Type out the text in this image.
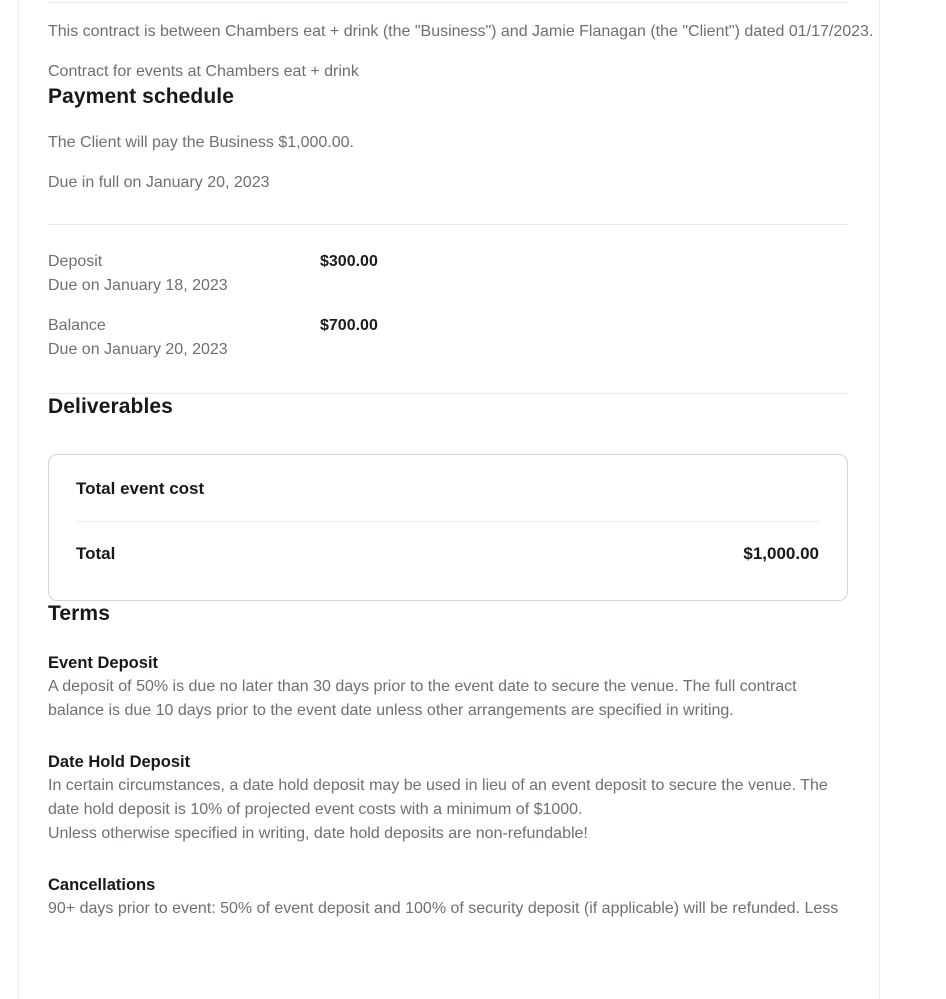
This contract is between Chambers eat + drink (the "Business") and Jamie Flanagan (the "Client") dated 01/17/2023.

Contract for events at Chambers eat + drink

Payment schedule

The Client will pay the Business $1,000.00.

Due in full on January 20, 2023

Deposit	$300.00
Due on January 18, 2023
Balance	$700.00
Due on January 20, 2023
Deliverables

Total event cost

Total	$1,000.00
Terms
Event Deposit

A deposit of 50% is due no later than 30 days prior to the event date to secure the venue. The full contract balance is due 10 days prior to the event date unless other arrangements are specified in writing.

Date Hold Deposit

In certain circumstances, a date hold deposit may be used in lieu of an event deposit to secure the venue. The date hold deposit is 10% of projected event costs with a minimum of $1000.

Unless otherwise specified in writing, date hold deposits are non-refundable!

Cancellations

90+ days prior to event: 50% of event deposit and 100% of security deposit (if applicable) will be refunded. Less
